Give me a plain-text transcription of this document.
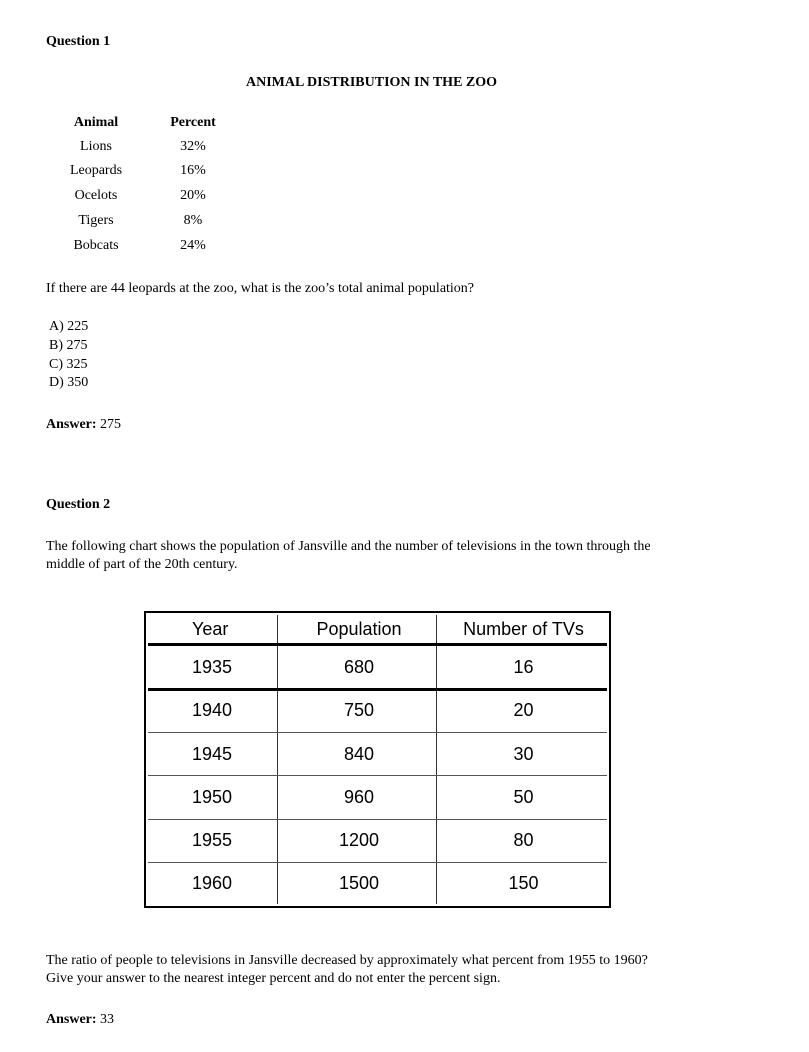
Question 1
ANIMAL DISTRIBUTION IN THE ZOO
Animal	Percent
Lions	32%
Leopards	16%
Ocelots	20%
Tigers	8%
Bobcats	24%
If there are 44 leopards at the zoo, what is the zoo’s total animal population?
A) 225
B) 275
C) 325
D) 350
Answer: 275
Question 2
The following chart shows the population of Jansville and the number of televisions in the town through the
middle of part of the 20th century.
Year	Population	Number of TVs
1935	680	16
1940	750	20
1945	840	30
1950	960	50
1955	1200	80
1960	1500	150
The ratio of people to televisions in Jansville decreased by approximately what percent from 1955 to 1960?
Give your answer to the nearest integer percent and do not enter the percent sign.
Answer: 33
